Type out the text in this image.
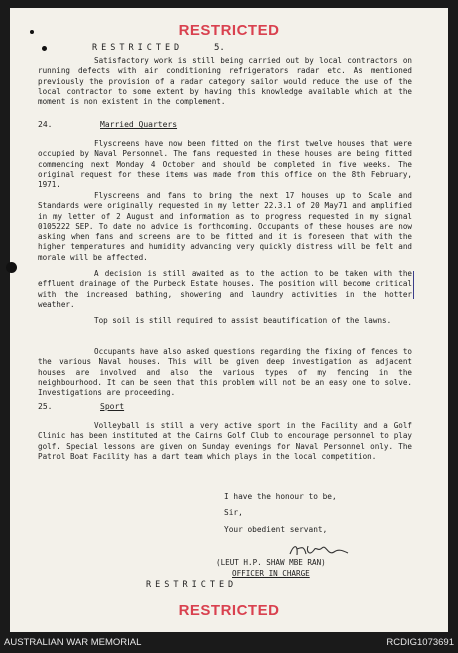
RESTRICTED
RESTRICTED	5.

Satisfactory work is still being carried out by local contractors on running defects with air conditioning refrigerators radar etc. As mentioned previously the provision of a radar category sailor would reduce the use of the local contractor to some extent by having this knowledge available which at the moment is non existent in the complement.

24.	Married Quarters

Flyscreens have now been fitted on the first twelve houses that were occupied by Naval Personnel. The fans requested in these houses are being fitted commencing next Monday 4 October and should be completed in five weeks. The original request for these items was made from this office on the 8th February, 1971.

Flyscreens and fans to bring the next 17 houses up to Scale and Standards were originally requested in my letter 22.3.1 of 20 May71 and amplified in my letter of 2 August and information as to progress requested in my signal 0105222 SEP. To date no advice is forthcoming. Occupants of these houses are now asking when fans and screens are to be fitted and it is foreseen that with the higher temperatures and humidity advancing very quickly distress will be felt and morale will be affected.

A decision is still awaited as to the action to be taken with the effluent drainage of the Purbeck Estate houses. The position will become critical with the increased bathing, showering and laundry activities in the hotter weather.

Top soil is still required to assist beautification of the lawns.

Occupants have also asked questions regarding the fixing of fences to the various Naval houses. This will be given deep investigation as adjacent houses are involved and also the various types of my fencing in the neighbourhood. It can be seen that this problem will not be an easy one to solve. Investigations are proceeding.

25.	Sport

Volleyball is still a very active sport in the Facility and a Golf Clinic has been instituted at the Cairns Golf Club to encourage personnel to play golf. Special lessons are given on Sunday evenings for Naval Personnel only. The Patrol Boat Facility has a dart team which plays in the local competition.

I have the honour to be,
Sir,
Your obedient servant,
(LEUT H.P. SHAW MBE RAN)
OFFICER IN CHARGE
RESTRICTED
RESTRICTED
AUSTRALIAN WAR MEMORIAL	RCDIG1073691
